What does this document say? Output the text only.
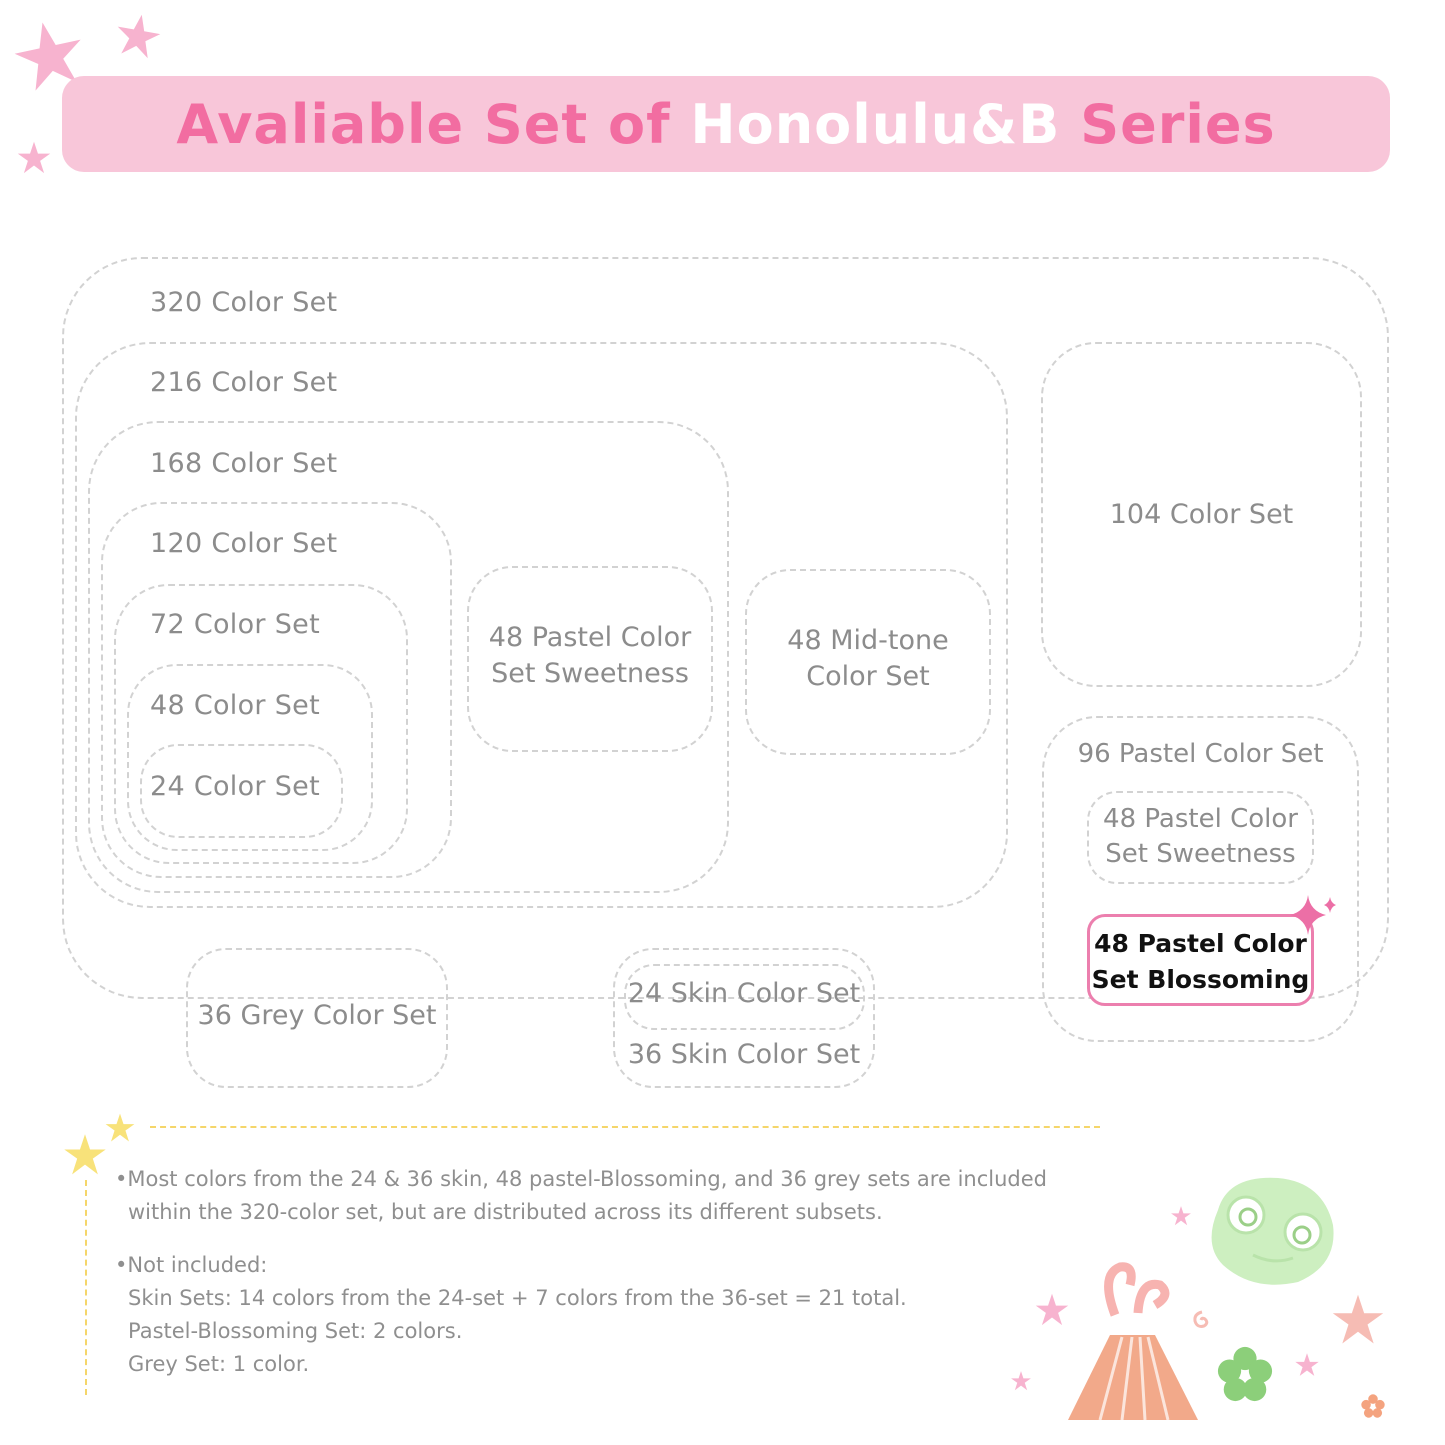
Avaliable Set of
Honolulu&B Series
320 Color Set
216 Color Set
168 Color Set
120 Color Set
72 Color Set
48 Color Set
24 Color Set
48 Pastel Color
Set Sweetness
48 Mid-tone
Color Set
104 Color Set
96 Pastel Color Set
48 Pastel Color
Set Sweetness
48 Pastel Color
Set Blossoming
36 Grey Color Set
24 Skin Color Set
36 Skin Color Set
•Most colors from the 24 & 36 skin, 48 pastel-Blossoming, and 36 grey sets are included
within the 320-color set, but are distributed across its different subsets.
•Not included:
Skin Sets: 14 colors from the 24-set + 7 colors from the 36-set = 21 total.
Pastel-Blossoming Set: 2 colors.
Grey Set: 1 color.
